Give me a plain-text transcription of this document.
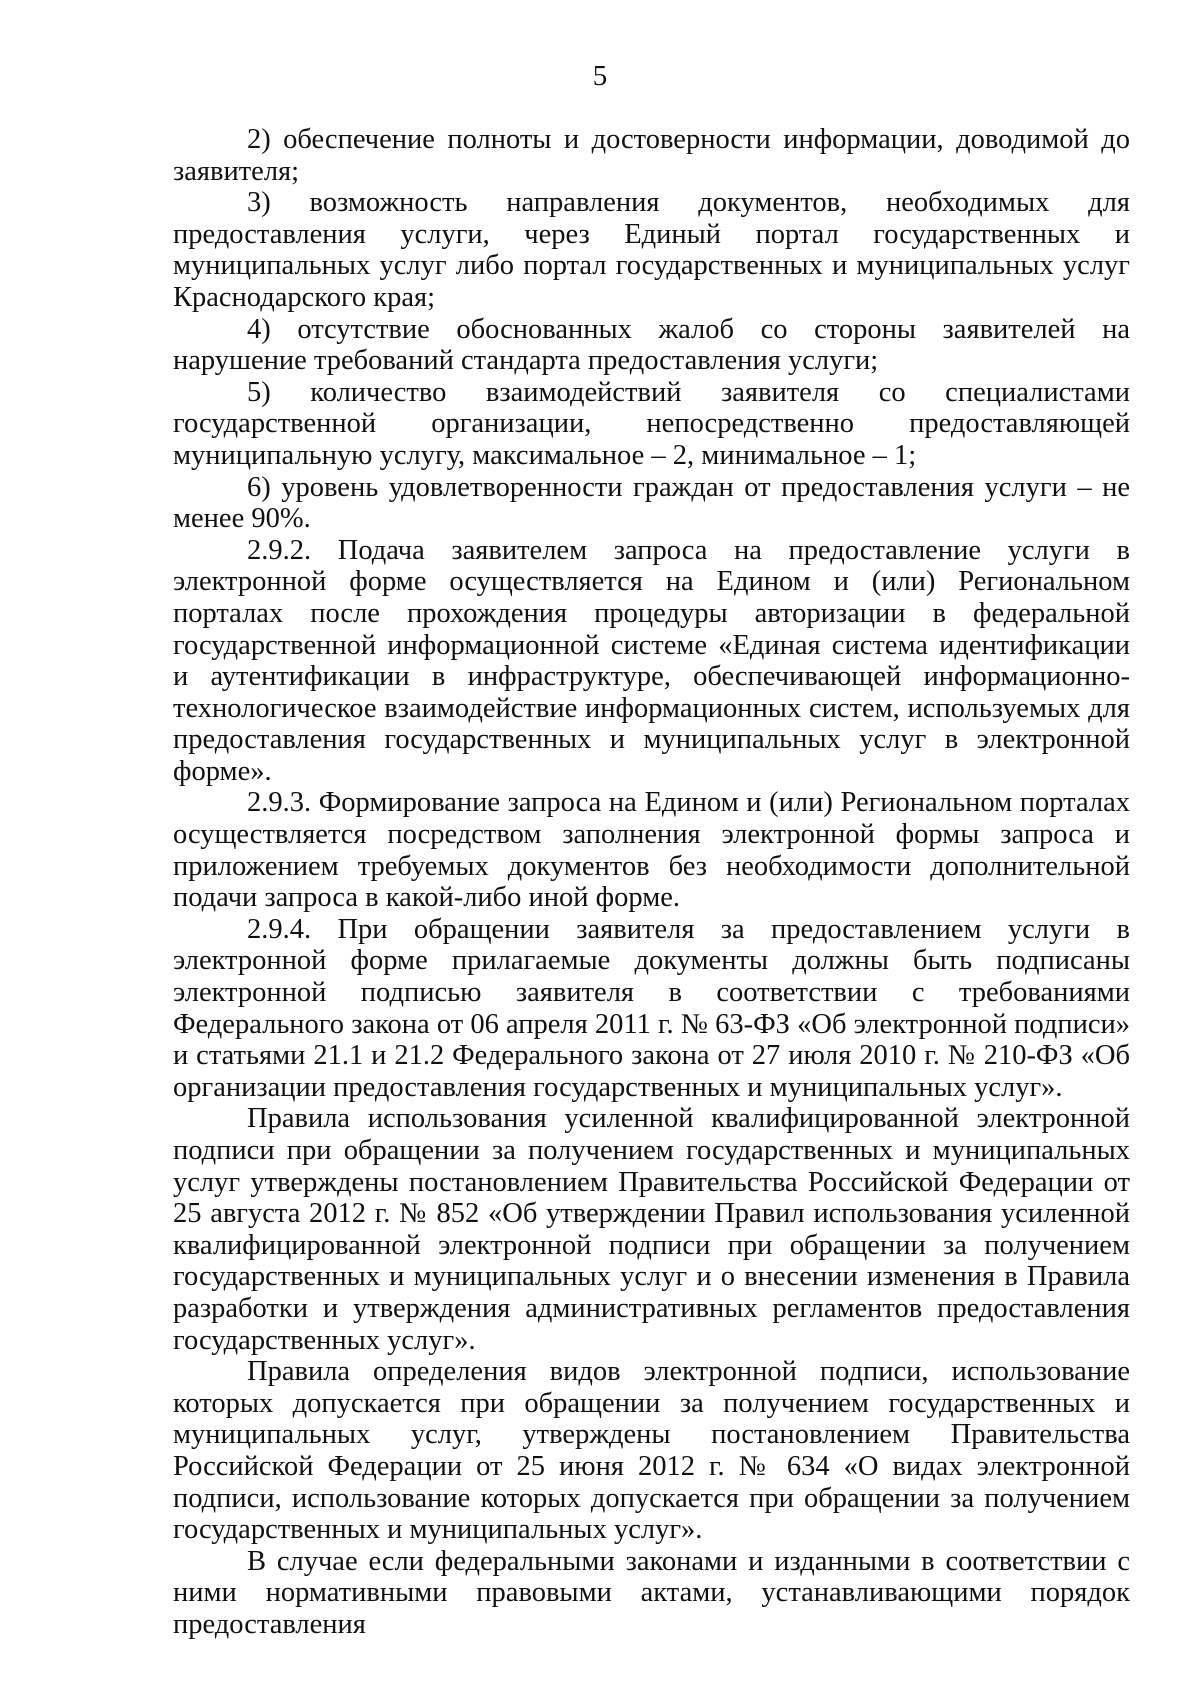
5

2) обеспечение полноты и достоверности информации, доводимой до заявителя;

3) возможность направления документов, необходимых для предоставления услуги, через Единый портал государственных и муниципальных услуг либо портал государственных и муниципальных услуг Краснодарского края;

4) отсутствие обоснованных жалоб со стороны заявителей на нарушение требований стандарта предоставления услуги;

5) количество взаимодействий заявителя со специалистами государственной организации, непосредственно предоставляющей муниципальную услугу, максимальное – 2, минимальное – 1;

6) уровень удовлетворенности граждан от предоставления услуги – не менее 90%.

2.9.2. Подача заявителем запроса на предоставление услуги в электронной форме осуществляется на Едином и (или) Региональном порталах после прохождения процедуры авторизации в федеральной государственной информационной системе «Единая система идентификации и аутентификации в инфраструктуре, обеспечивающей информационно-технологическое взаимодействие информационных систем, используемых для предоставления государственных и муниципальных услуг в электронной форме».

2.9.3. Формирование запроса на Едином и (или) Региональном порталах осуществляется посредством заполнения электронной формы запроса и приложением требуемых документов без необходимости дополнительной подачи запроса в какой-либо иной форме.

2.9.4. При обращении заявителя за предоставлением услуги в электронной форме прилагаемые документы должны быть подписаны электронной подписью заявителя в соответствии с требованиями Федерального закона от 06 апреля 2011 г. № 63-ФЗ «Об электронной подписи» и статьями 21.1 и 21.2 Федерального закона от 27 июля 2010 г. № 210-ФЗ «Об организации предоставления государственных и муниципальных услуг».

Правила использования усиленной квалифицированной электронной подписи при обращении за получением государственных и муниципальных услуг утверждены постановлением Правительства Российской Федерации от 25 августа 2012 г. № 852 «Об утверждении Правил использования усиленной квалифицированной электронной подписи при обращении за получением государственных и муниципальных услуг и о внесении изменения в Правила разработки и утверждения административных регламентов предоставления государственных услуг».

Правила определения видов электронной подписи, использование которых допускается при обращении за получением государственных и муниципальных услуг, утверждены постановлением Правительства Российской Федерации от 25 июня 2012 г. № 634 «О видах электронной подписи, использование которых допускается при обращении за получением государственных и муниципальных услуг».

В случае если федеральными законами и изданными в соответствии с ними нормативными правовыми актами, устанавливающими порядок предоставления
